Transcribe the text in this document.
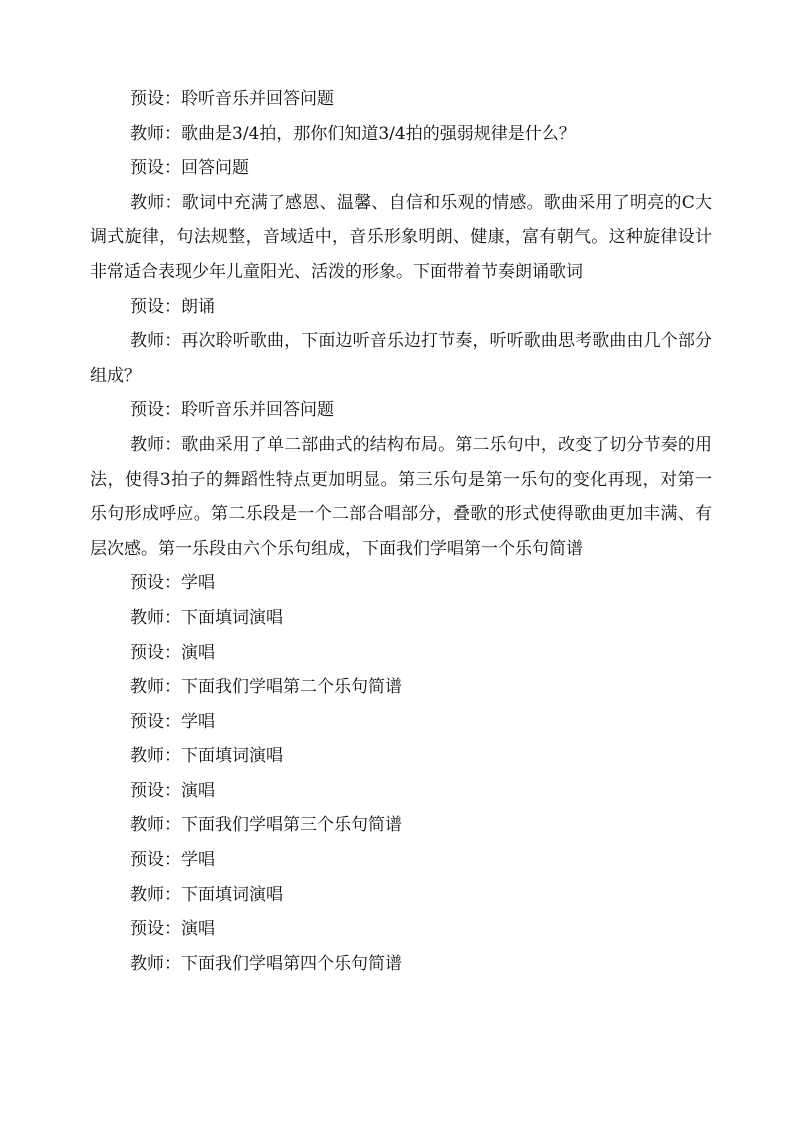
预设：聆听音乐并回答问题

教师：歌曲是3/4拍，那你们知道3/4拍的强弱规律是什么？

预设：回答问题

教师：歌词中充满了感恩、温馨、自信和乐观的情感。歌曲采用了明亮的C大调式旋律，句法规整，音域适中，音乐形象明朗、健康，富有朝气。这种旋律设计非常适合表现少年儿童阳光、活泼的形象。下面带着节奏朗诵歌词

预设：朗诵

教师：再次聆听歌曲，下面边听音乐边打节奏，听听歌曲思考歌曲由几个部分组成？

预设：聆听音乐并回答问题

教师：歌曲采用了单二部曲式的结构布局。第二乐句中，改变了切分节奏的用法，使得3拍子的舞蹈性特点更加明显。第三乐句是第一乐句的变化再现，对第一乐句形成呼应。第二乐段是一个二部合唱部分，叠歌的形式使得歌曲更加丰满、有层次感。第一乐段由六个乐句组成，下面我们学唱第一个乐句简谱

预设：学唱

教师：下面填词演唱

预设：演唱

教师：下面我们学唱第二个乐句简谱

预设：学唱

教师：下面填词演唱

预设：演唱

教师：下面我们学唱第三个乐句简谱

预设：学唱

教师：下面填词演唱

预设：演唱

教师：下面我们学唱第四个乐句简谱
